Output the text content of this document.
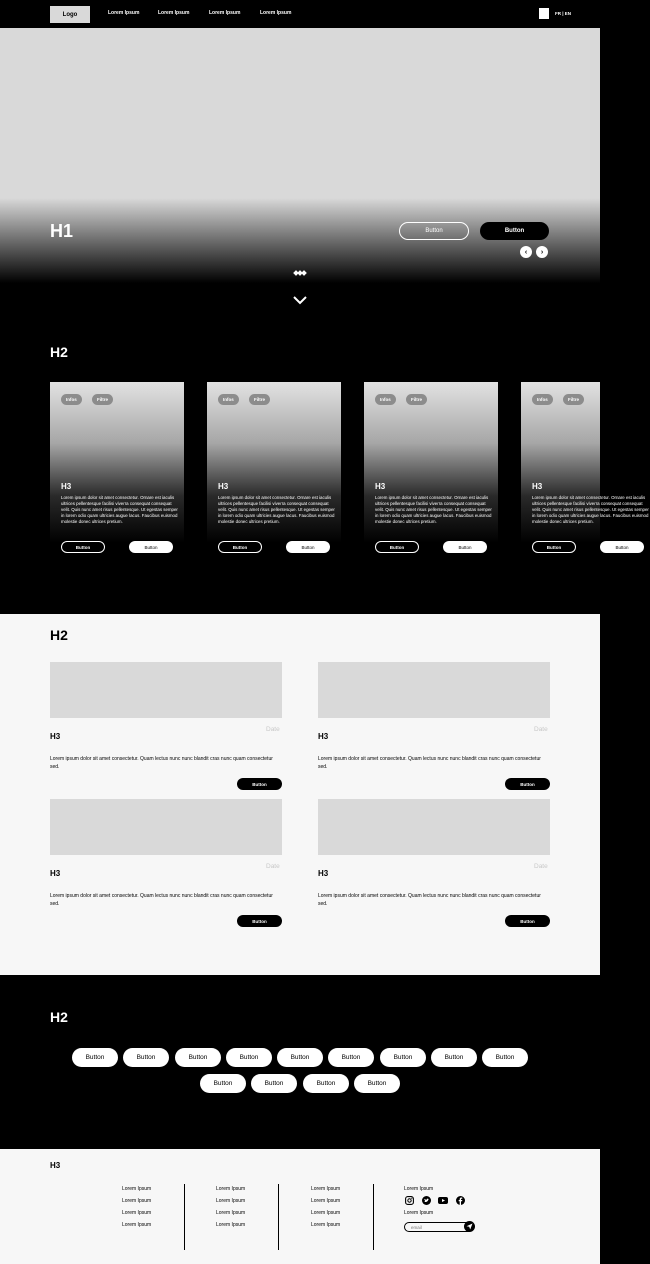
Logo	Lorem Ipsum	Lorem Ipsum	Lorem Ipsum	Lorem Ipsum	FR | EN
H1	Button	Button
‹	›
H2
Infos	Filtre
H3

Lorem ipsum dolor sit amet consectetur. Ornare est iaculis ultrices pellentesque facilisi viverra consequat consequat velit. Quis nunc amet risus pellentesque. Ut egestas semper in lorem odio quam ultricies augue lacus. Faucibus euismod molestie donec ultrices pretium.

Button	Button
Infos	Filtre
H3

Lorem ipsum dolor sit amet consectetur. Ornare est iaculis ultrices pellentesque facilisi viverra consequat consequat velit. Quis nunc amet risus pellentesque. Ut egestas semper in lorem odio quam ultricies augue lacus. Faucibus euismod molestie donec ultrices pretium.

Button	Button
Infos	Filtre
H3

Lorem ipsum dolor sit amet consectetur. Ornare est iaculis ultrices pellentesque facilisi viverra consequat consequat velit. Quis nunc amet risus pellentesque. Ut egestas semper in lorem odio quam ultricies augue lacus. Faucibus euismod molestie donec ultrices pretium.

Button	Button
Infos	Filtre
H3

Lorem ipsum dolor sit amet consectetur. Ornare est iaculis ultrices pellentesque facilisi viverra consequat consequat velit. Quis nunc amet risus pellentesque. Ut egestas semper in lorem odio quam ultricies augue lacus. Faucibus euismod molestie donec ultrices pretium.

Button	Button
H2
Date
H3
Lorem ipsum dolor sit amet consectetur. Quam lectus nunc nunc blandit cras nunc quam consectetur sed.
Button
Date
H3
Lorem ipsum dolor sit amet consectetur. Quam lectus nunc nunc blandit cras nunc quam consectetur sed.
Button
Date
H3
Lorem ipsum dolor sit amet consectetur. Quam lectus nunc nunc blandit cras nunc quam consectetur sed.
Button
Date
H3
Lorem ipsum dolor sit amet consectetur. Quam lectus nunc nunc blandit cras nunc quam consectetur sed.
Button
H2
Button	Button	Button	Button	Button	Button	Button	Button	Button
Button	Button	Button	Button
H3
Lorem Ipsum
Lorem Ipsum
Lorem Ipsum
Lorem Ipsum
Lorem Ipsum
Lorem Ipsum
Lorem Ipsum
Lorem Ipsum
Lorem Ipsum
Lorem Ipsum
Lorem Ipsum
Lorem Ipsum
Lorem Ipsum
Lorem Ipsum
email
